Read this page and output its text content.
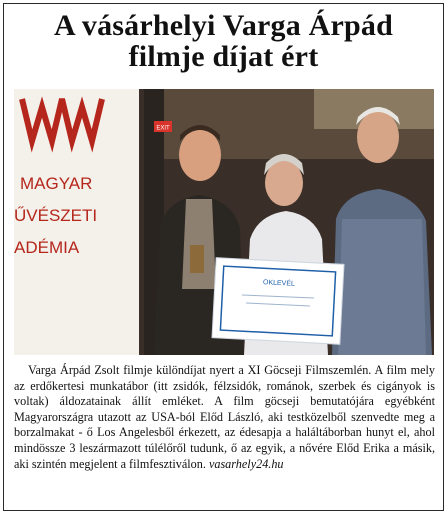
A vásárhelyi Varga Árpád
filmje díjat ért
EXIT
MAGYAR
ŰVÉSZETI
ADÉMIA
OKLEVÉL

Varga Árpád Zsolt filmje különdíjat nyert a XI Göcseji Filmszemlén. A film mely az erdőkertesi munkatábor (itt zsidók, félzsidók, románok, szerbek és cigányok is voltak) áldozatainak állít emléket. A film göcseji bemutatójára egyébként Magyarországra utazott az USA-ból Előd László, aki testközelből szenvedte meg a borzalmakat - ő Los Angelesből érkezett, az édesapja a haláltáborban hunyt el, ahol mindössze 3 leszármazott túlélőről tudunk, ő az egyik, a nővére Előd Erika a másik, aki szintén megjelent a filmfesztiválon. vasarhely24.hu
